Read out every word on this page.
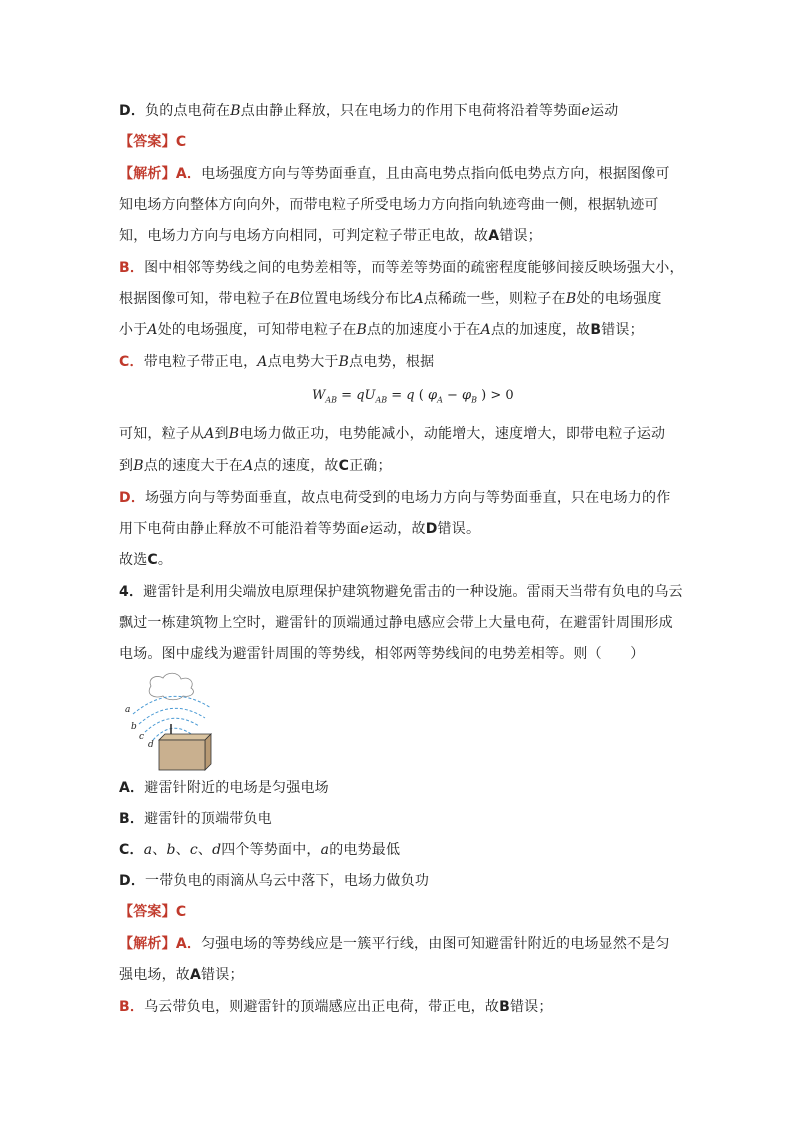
D．负的点电荷在B点由静止释放，只在电场力的作用下电荷将沿着等势面e运动
【答案】C
【解析】A．电场强度方向与等势面垂直，且由高电势点指向低电势点方向，根据图像可
知电场方向整体方向向外，而带电粒子所受电场力方向指向轨迹弯曲一侧，根据轨迹可
知，电场力方向与电场方向相同，可判定粒子带正电故，故A错误；
B．图中相邻等势线之间的电势差相等，而等差等势面的疏密程度能够间接反映场强大小，
根据图像可知，带电粒子在B位置电场线分布比A点稀疏一些，则粒子在B处的电场强度
小于A处的电场强度，可知带电粒子在B点的加速度小于在A点的加速度，故B错误；
C．带电粒子带正电，A点电势大于B点电势，根据
$W_{AB} = qU_{AB} = q$ ( $\varphi_A - \varphi_B$ ) > 0
可知，粒子从A到B电场力做正功，电势能减小，动能增大，速度增大，即带电粒子运动
到B点的速度大于在A点的速度，故C正确；
D．场强方向与等势面垂直，故点电荷受到的电场力方向与等势面垂直，只在电场力的作
用下电荷由静止释放不可能沿着等势面e运动，故D错误。
故选C。
4．避雷针是利用尖端放电原理保护建筑物避免雷击的一种设施。雷雨天当带有负电的乌云
飘过一栋建筑物上空时，避雷针的顶端通过静电感应会带上大量电荷，在避雷针周围形成
电场。图中虚线为避雷针周围的等势线，相邻两等势线间的电势差相等。则（　　）
a
b
c
d
A．避雷针附近的电场是匀强电场
B．避雷针的顶端带负电
C．a、b、c、d四个等势面中，a的电势最低
D．一带负电的雨滴从乌云中落下，电场力做负功
【答案】C
【解析】A．匀强电场的等势线应是一簇平行线，由图可知避雷针附近的电场显然不是匀
强电场，故A错误；
B．乌云带负电，则避雷针的顶端感应出正电荷，带正电，故B错误；
